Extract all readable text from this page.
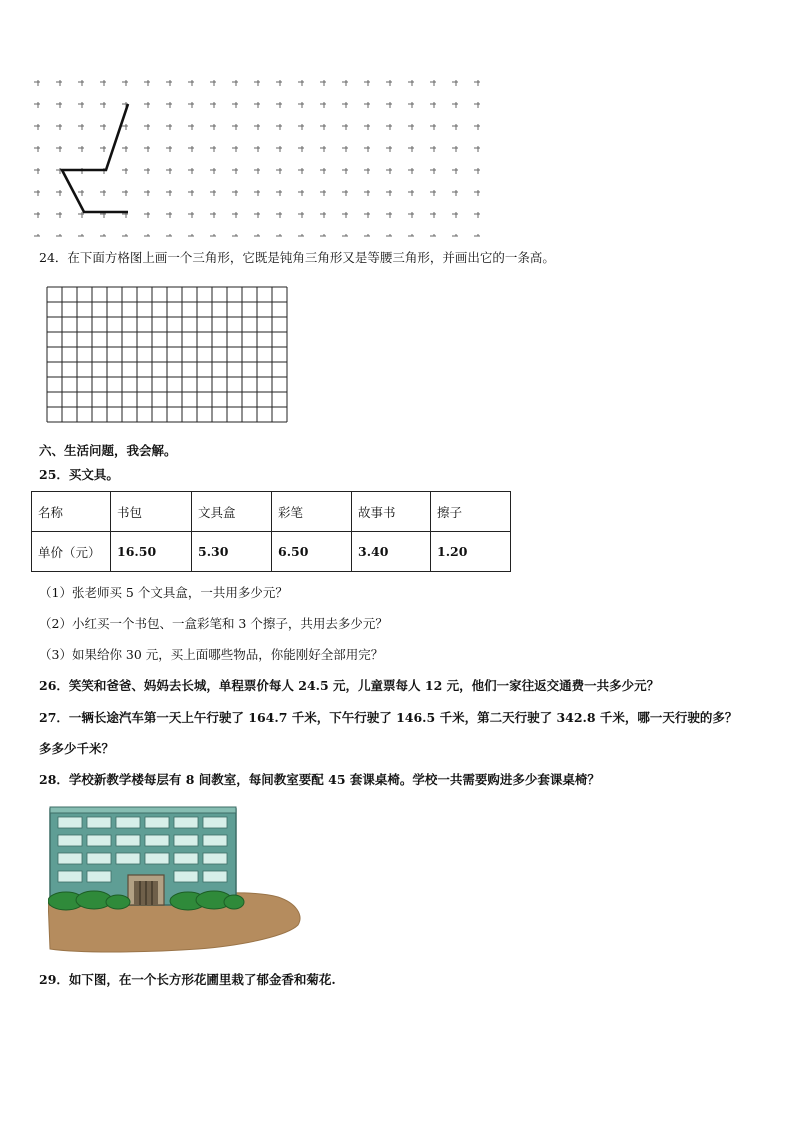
24．在下面方格图上画一个三角形，它既是钝角三角形又是等腰三角形，并画出它的一条高。
六、生活问题，我会解。
25．买文具。
名称	书包	文具盒	彩笔	故事书	擦子
单价（元）	16.50	5.30	6.50	3.40	1.20
（1）张老师买 5 个文具盒，一共用多少元？
（2）小红买一个书包、一盒彩笔和 3 个擦子，共用去多少元？
（3）如果给你 30 元，买上面哪些物品，你能刚好全部用完？
26．笑笑和爸爸、妈妈去长城，单程票价每人 24.5 元，儿童票每人 12 元，他们一家往返交通费一共多少元？
27．一辆长途汽车第一天上午行驶了 164.7 千米，下午行驶了 146.5 千米，第二天行驶了 342.8 千米，哪一天行驶的多？
多多少千米？
28．学校新教学楼每层有 8 间教室，每间教室要配 45 套课桌椅。学校一共需要购进多少套课桌椅？
29．如下图，在一个长方形花圃里栽了郁金香和菊花.
